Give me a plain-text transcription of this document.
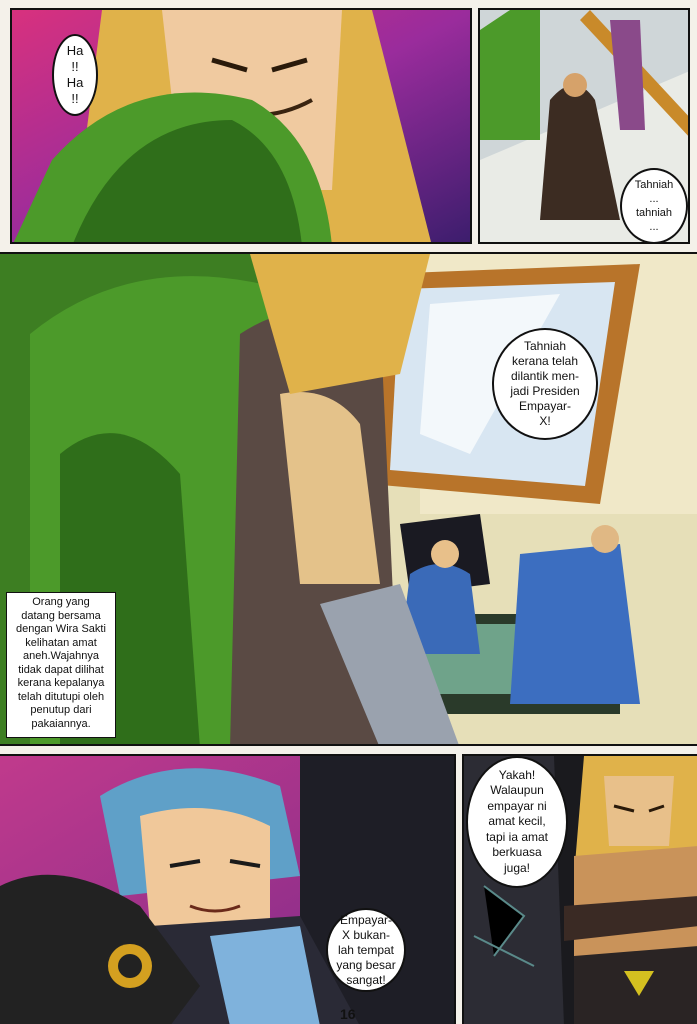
Ha
!!
Ha
!!
Tahniah
...
tahniah
...
Tahniah
kerana telah
dilantik men-
jadi Presiden
Empayar-
X!
Orang yang
datang bersama
dengan Wira Sakti
kelihatan amat
aneh.Wajahnya
tidak dapat dilihat
kerana kepalanya
telah ditutupi oleh
penutup dari
pakaiannya.
Empayar-
X bukan-
lah tempat
yang besar
sangat!
Yakah!
Walaupun
empayar ni
amat kecil,
tapi ia amat
berkuasa
juga!
16
